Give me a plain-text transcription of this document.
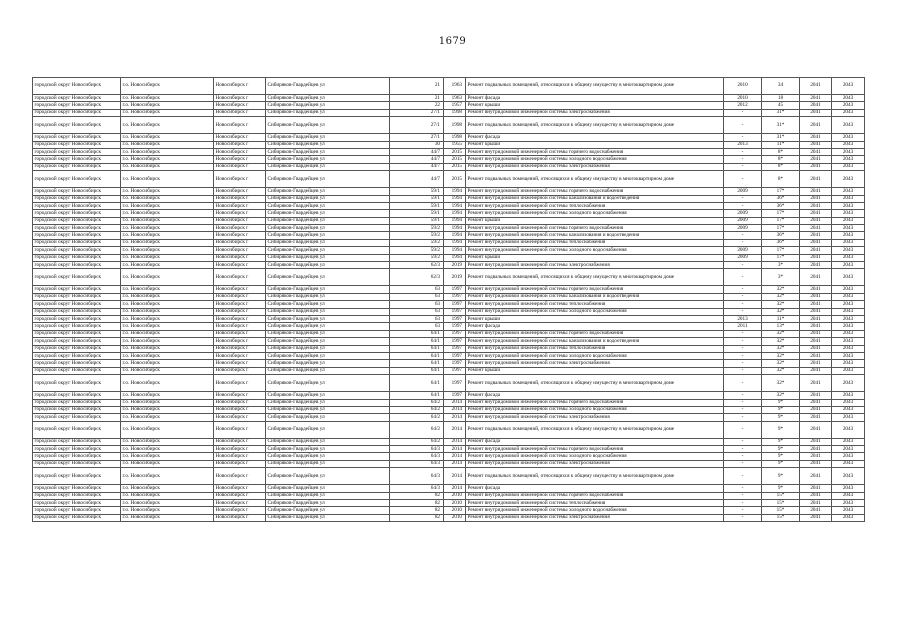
1679
городской округ Новосибирск	г.о. Новосибирск	Новосибирск г	Сибиряков-Гвардейцев ул	21	1963	Ремонт подвальных помещений, относящихся к общему имуществу в многоквартирном доме	2010	34	2041	2043
городской округ Новосибирск	г.о. Новосибирск	Новосибирск г	Сибиряков-Гвардейцев ул	21	1963	Ремонт фасада	2010	18	2041	2043
городской округ Новосибирск	г.о. Новосибирск	Новосибирск г	Сибиряков-Гвардейцев ул	22	1957	Ремонт крыши	2012	45	2041	2043
городской округ Новосибирск	г.о. Новосибирск	Новосибирск г	Сибиряков-Гвардейцев ул	27/1	1998	Ремонт внутридомовой инженерной системы электроснабжения	-	31*	2041	2043
городской округ Новосибирск	г.о. Новосибирск	Новосибирск г	Сибиряков-Гвардейцев ул	27/1	1998	Ремонт подвальных помещений, относящихся к общему имуществу в многоквартирном доме	-	31*	2041	2043
городской округ Новосибирск	г.о. Новосибирск	Новосибирск г	Сибиряков-Гвардейцев ул	27/1	1998	Ремонт фасада	-	31*	2041	2043
городской округ Новосибирск	г.о. Новосибирск	Новосибирск г	Сибиряков-Гвардейцев ул	30	1955	Ремонт крыши	2013	11*	2041	2043
городской округ Новосибирск	г.о. Новосибирск	Новосибирск г	Сибиряков-Гвардейцев ул	44/7	2015	Ремонт внутридомовой инженерной системы горячего водоснабжения	-	8*	2041	2043
городской округ Новосибирск	г.о. Новосибирск	Новосибирск г	Сибиряков-Гвардейцев ул	44/7	2015	Ремонт внутридомовой инженерной системы холодного водоснабжения	-	8*	2041	2043
городской округ Новосибирск	г.о. Новосибирск	Новосибирск г	Сибиряков-Гвардейцев ул	44/7	2015	Ремонт внутридомовой инженерной системы электроснабжения	-	8*	2041	2043
городской округ Новосибирск	г.о. Новосибирск	Новосибирск г	Сибиряков-Гвардейцев ул	44/7	2015	Ремонт подвальных помещений, относящихся к общему имуществу в многоквартирном доме	-	8*	2041	2043
городской округ Новосибирск	г.о. Новосибирск	Новосибирск г	Сибиряков-Гвардейцев ул	59/1	1994	Ремонт внутридомовой инженерной системы горячего водоснабжения	2009	17*	2041	2043
городской округ Новосибирск	г.о. Новосибирск	Новосибирск г	Сибиряков-Гвардейцев ул	59/1	1994	Ремонт внутридомовой инженерной системы канализования и водоотведения	-	36*	2041	2043
городской округ Новосибирск	г.о. Новосибирск	Новосибирск г	Сибиряков-Гвардейцев ул	59/1	1994	Ремонт внутридомовой инженерной системы теплоснабжения	-	36*	2041	2043
городской округ Новосибирск	г.о. Новосибирск	Новосибирск г	Сибиряков-Гвардейцев ул	59/1	1994	Ремонт внутридомовой инженерной системы холодного водоснабжения	2009	17*	2041	2043
городской округ Новосибирск	г.о. Новосибирск	Новосибирск г	Сибиряков-Гвардейцев ул	59/1	1994	Ремонт крыши	2009	17*	2041	2043
городской округ Новосибирск	г.о. Новосибирск	Новосибирск г	Сибиряков-Гвардейцев ул	59/2	1994	Ремонт внутридомовой инженерной системы горячего водоснабжения	2009	17*	2041	2043
городской округ Новосибирск	г.о. Новосибирск	Новосибирск г	Сибиряков-Гвардейцев ул	59/2	1994	Ремонт внутридомовой инженерной системы канализования и водоотведения	-	36*	2041	2043
городской округ Новосибирск	г.о. Новосибирск	Новосибирск г	Сибиряков-Гвардейцев ул	59/2	1994	Ремонт внутридомовой инженерной системы теплоснабжения	-	36*	2041	2043
городской округ Новосибирск	г.о. Новосибирск	Новосибирск г	Сибиряков-Гвардейцев ул	59/2	1994	Ремонт внутридомовой инженерной системы холодного водоснабжения	2009	17*	2041	2043
городской округ Новосибирск	г.о. Новосибирск	Новосибирск г	Сибиряков-Гвардейцев ул	59/2	1994	Ремонт крыши	2009	17*	2041	2043
городской округ Новосибирск	г.о. Новосибирск	Новосибирск г	Сибиряков-Гвардейцев ул	62/3	2019	Ремонт внутридомовой инженерной системы электроснабжения	-	3*	2041	2043
городской округ Новосибирск	г.о. Новосибирск	Новосибирск г	Сибиряков-Гвардейцев ул	62/3	2019	Ремонт подвальных помещений, относящихся к общему имуществу в многоквартирном доме	-	3*	2041	2043
городской округ Новосибирск	г.о. Новосибирск	Новосибирск г	Сибиряков-Гвардейцев ул	63	1997	Ремонт внутридомовой инженерной системы горячего водоснабжения	-	32*	2041	2043
городской округ Новосибирск	г.о. Новосибирск	Новосибирск г	Сибиряков-Гвардейцев ул	63	1997	Ремонт внутридомовой инженерной системы канализования и водоотведения	-	32*	2041	2043
городской округ Новосибирск	г.о. Новосибирск	Новосибирск г	Сибиряков-Гвардейцев ул	63	1997	Ремонт внутридомовой инженерной системы теплоснабжения	-	32*	2041	2043
городской округ Новосибирск	г.о. Новосибирск	Новосибирск г	Сибиряков-Гвардейцев ул	63	1997	Ремонт внутридомовой инженерной системы холодного водоснабжения	-	32*	2041	2043
городской округ Новосибирск	г.о. Новосибирск	Новосибирск г	Сибиряков-Гвардейцев ул	63	1997	Ремонт крыши	2013	11*	2041	2043
городской округ Новосибирск	г.о. Новосибирск	Новосибирск г	Сибиряков-Гвардейцев ул	63	1997	Ремонт фасада	2011	13*	2041	2043
городской округ Новосибирск	г.о. Новосибирск	Новосибирск г	Сибиряков-Гвардейцев ул	64/1	1997	Ремонт внутридомовой инженерной системы горячего водоснабжения	-	32*	2041	2043
городской округ Новосибирск	г.о. Новосибирск	Новосибирск г	Сибиряков-Гвардейцев ул	64/1	1997	Ремонт внутридомовой инженерной системы канализования и водоотведения	-	32*	2041	2043
городской округ Новосибирск	г.о. Новосибирск	Новосибирск г	Сибиряков-Гвардейцев ул	64/1	1997	Ремонт внутридомовой инженерной системы теплоснабжения	-	32*	2041	2043
городской округ Новосибирск	г.о. Новосибирск	Новосибирск г	Сибиряков-Гвардейцев ул	64/1	1997	Ремонт внутридомовой инженерной системы холодного водоснабжения	-	32*	2041	2043
городской округ Новосибирск	г.о. Новосибирск	Новосибирск г	Сибиряков-Гвардейцев ул	64/1	1997	Ремонт внутридомовой инженерной системы электроснабжения	-	32*	2041	2043
городской округ Новосибирск	г.о. Новосибирск	Новосибирск г	Сибиряков-Гвардейцев ул	64/1	1997	Ремонт крыши	-	32*	2041	2043
городской округ Новосибирск	г.о. Новосибирск	Новосибирск г	Сибиряков-Гвардейцев ул	64/1	1997	Ремонт подвальных помещений, относящихся к общему имуществу в многоквартирном доме	-	32*	2041	2043
городской округ Новосибирск	г.о. Новосибирск	Новосибирск г	Сибиряков-Гвардейцев ул	64/1	1997	Ремонт фасада	-	32*	2041	2043
городской округ Новосибирск	г.о. Новосибирск	Новосибирск г	Сибиряков-Гвардейцев ул	64/2	2014	Ремонт внутридомовой инженерной системы горячего водоснабжения	-	9*	2041	2043
городской округ Новосибирск	г.о. Новосибирск	Новосибирск г	Сибиряков-Гвардейцев ул	64/2	2014	Ремонт внутридомовой инженерной системы холодного водоснабжения	-	9*	2041	2043
городской округ Новосибирск	г.о. Новосибирск	Новосибирск г	Сибиряков-Гвардейцев ул	64/2	2014	Ремонт внутридомовой инженерной системы электроснабжения	-	9*	2041	2043
городской округ Новосибирск	г.о. Новосибирск	Новосибирск г	Сибиряков-Гвардейцев ул	64/2	2014	Ремонт подвальных помещений, относящихся к общему имуществу в многоквартирном доме	-	9*	2041	2043
городской округ Новосибирск	г.о. Новосибирск	Новосибирск г	Сибиряков-Гвардейцев ул	64/2	2014	Ремонт фасада	-	9*	2041	2043
городской округ Новосибирск	г.о. Новосибирск	Новосибирск г	Сибиряков-Гвардейцев ул	64/3	2014	Ремонт внутридомовой инженерной системы горячего водоснабжения	-	9*	2041	2043
городской округ Новосибирск	г.о. Новосибирск	Новосибирск г	Сибиряков-Гвардейцев ул	64/3	2014	Ремонт внутридомовой инженерной системы холодного водоснабжения	-	9*	2041	2043
городской округ Новосибирск	г.о. Новосибирск	Новосибирск г	Сибиряков-Гвардейцев ул	64/3	2014	Ремонт внутридомовой инженерной системы электроснабжения	-	9*	2041	2043
городской округ Новосибирск	г.о. Новосибирск	Новосибирск г	Сибиряков-Гвардейцев ул	64/3	2014	Ремонт подвальных помещений, относящихся к общему имуществу в многоквартирном доме	-	9*	2041	2043
городской округ Новосибирск	г.о. Новосибирск	Новосибирск г	Сибиряков-Гвардейцев ул	64/3	2014	Ремонт фасада	-	9*	2041	2043
городской округ Новосибирск	г.о. Новосибирск	Новосибирск г	Сибиряков-Гвардейцев ул	82	2010	Ремонт внутридомовой инженерной системы горячего водоснабжения	-	15*	2041	2043
городской округ Новосибирск	г.о. Новосибирск	Новосибирск г	Сибиряков-Гвардейцев ул	82	2010	Ремонт внутридомовой инженерной системы теплоснабжения	-	15*	2041	2043
городской округ Новосибирск	г.о. Новосибирск	Новосибирск г	Сибиряков-Гвардейцев ул	82	2010	Ремонт внутридомовой инженерной системы холодного водоснабжения	-	15*	2041	2043
городской округ Новосибирск	г.о. Новосибирск	Новосибирск г	Сибиряков-Гвардейцев ул	82	2010	Ремонт внутридомовой инженерной системы электроснабжения	-	15*	2041	2043
